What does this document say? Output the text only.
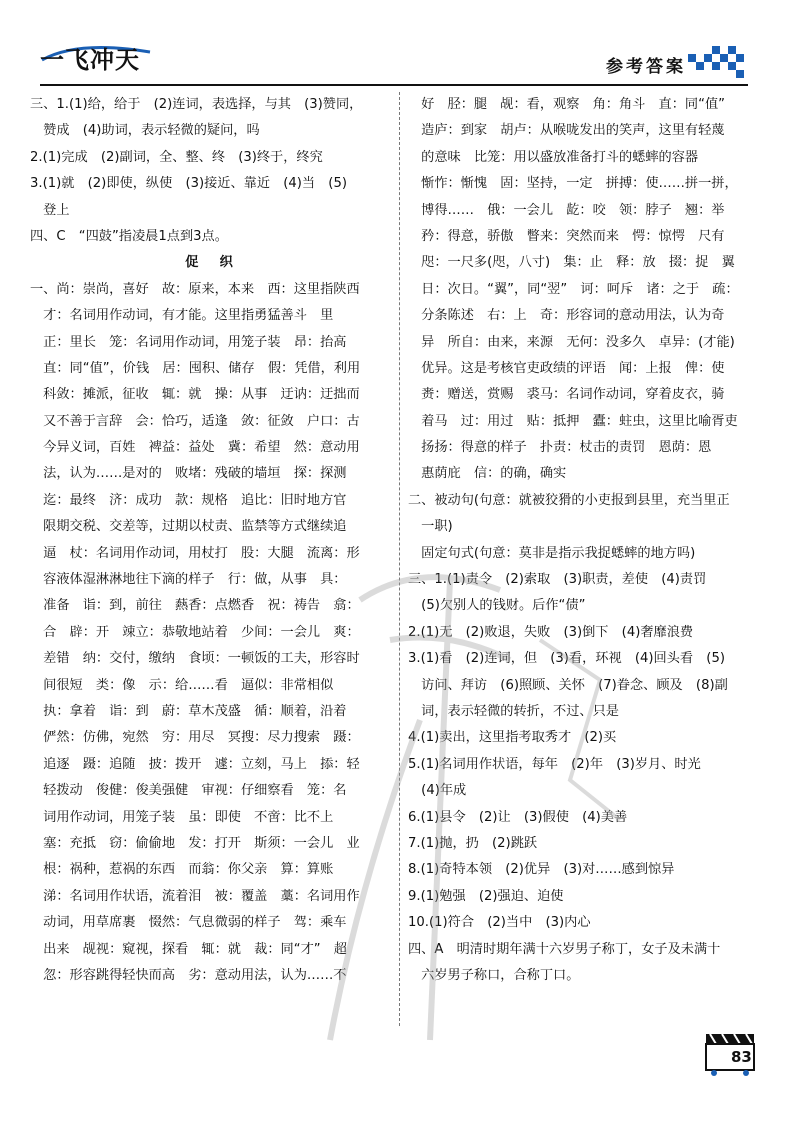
一飞冲天	参考答案
三、1.(1)给，给于　(2)连词，表选择，与其　(3)赞同，
　赞成　(4)助词，表示轻微的疑问，吗
2.(1)完成　(2)副词，全、整、终　(3)终于，终究
3.(1)就　(2)即使，纵使　(3)接近、靠近　(4)当　(5)
　登上
四、C　“四鼓”指凌晨1点到3点。
促　织
一、尚：崇尚，喜好　故：原来，本来　西：这里指陕西
　才：名词用作动词，有才能。这里指勇猛善斗　里
　正：里长　笼：名词用作动词，用笼子装　昂：抬高
　直：同“值”，价钱　居：囤积、储存　假：凭借，利用
　科敛：摊派，征收　辄：就　操：从事　迂讷：迂拙而
　又不善于言辞　会：恰巧，适逢　敛：征敛　户口：古
　今异义词，百姓　裨益：益处　冀：希望　然：意动用
　法，认为……是对的　败堵：残破的墙垣　探：探测
　迄：最终　济：成功　款：规格　追比：旧时地方官
　限期交税、交差等，过期以杖责、监禁等方式继续追
　逼　杖：名词用作动词，用杖打　股：大腿　流离：形
　容液体湿淋淋地往下滴的样子　行：做，从事　具：
　准备　诣：到，前往　爇香：点燃香　祝：祷告　翕：
　合　辟：开　竦立：恭敬地站着　少间：一会儿　爽：
　差错　纳：交付，缴纳　食顷：一顿饭的工夫，形容时
　间很短　类：像　示：给……看　逼似：非常相似
　执：拿着　诣：到　蔚：草木茂盛　循：顺着，沿着
　俨然：仿佛，宛然　穷：用尽　冥搜：尽力搜索　蹑：
　追逐　蹑：追随　披：拨开　遽：立刻，马上　掭：轻
　轻拨动　俊健：俊美强健　审视：仔细察看　笼：名
　词用作动词，用笼子装　虽：即使　不啻：比不上
　塞：充抵　窃：偷偷地　发：打开　斯须：一会儿　业
　根：祸种，惹祸的东西　而翁：你父亲　算：算账
　涕：名词用作状语，流着泪　被：覆盖　藁：名词用作
　动词，用草席裹　惙然：气息微弱的样子　驾：乘车
　出来　觇视：窥视，探看　辄：就　裁：同“才”　超
　忽：形容跳得轻快而高　劣：意动用法，认为……不
　好　胫：腿　觇：看，观察　角：角斗　直：同“值”
　造庐：到家　胡卢：从喉咙发出的笑声，这里有轻蔑
　的意味　比笼：用以盛放准备打斗的蟋蟀的容器
　惭怍：惭愧　固：坚持，一定　拼搏：使……拼一拼，
　博得……　俄：一会儿　龁：咬　领：脖子　翘：举
　矜：得意，骄傲　瞥来：突然而来　愕：惊愕　尺有
　咫：一尺多(咫，八寸)　集：止　释：放　掇：捉　翼
　日：次日。“翼”，同“翌”　诃：呵斥　诸：之于　疏：
　分条陈述　右：上　奇：形容词的意动用法，认为奇
　异　所自：由来，来源　无何：没多久　卓异：(才能)
　优异。这是考核官吏政绩的评语　闻：上报　俾：使
　赉：赠送，赏赐　裘马：名词作动词，穿着皮衣，骑
　着马　过：用过　贴：抵押　蠹：蛀虫，这里比喻胥吏
　扬扬：得意的样子　扑责：杖击的责罚　恩荫：恩
　惠荫庇　信：的确，确实
二、被动句(句意：就被狡猾的小吏报到县里，充当里正
　一职)
　固定句式(句意：莫非是指示我捉蟋蟀的地方吗)
三、1.(1)责令　(2)索取　(3)职责，差使　(4)责罚
　(5)欠别人的钱财。后作“债”
2.(1)无　(2)败退，失败　(3)倒下　(4)奢靡浪费
3.(1)看　(2)连词，但　(3)看，环视　(4)回头看　(5)
　访问、拜访　(6)照顾、关怀　(7)眷念、顾及　(8)副
　词，表示轻微的转折，不过、只是
4.(1)卖出，这里指考取秀才　(2)买
5.(1)名词用作状语，每年　(2)年　(3)岁月、时光
　(4)年成
6.(1)县令　(2)让　(3)假使　(4)美善
7.(1)抛，扔　(2)跳跃
8.(1)奇特本领　(2)优异　(3)对……感到惊异
9.(1)勉强　(2)强迫、迫使
10.(1)符合　(2)当中　(3)内心
四、A　明清时期年满十六岁男子称丁，女子及未满十
　六岁男子称口，合称丁口。
83
